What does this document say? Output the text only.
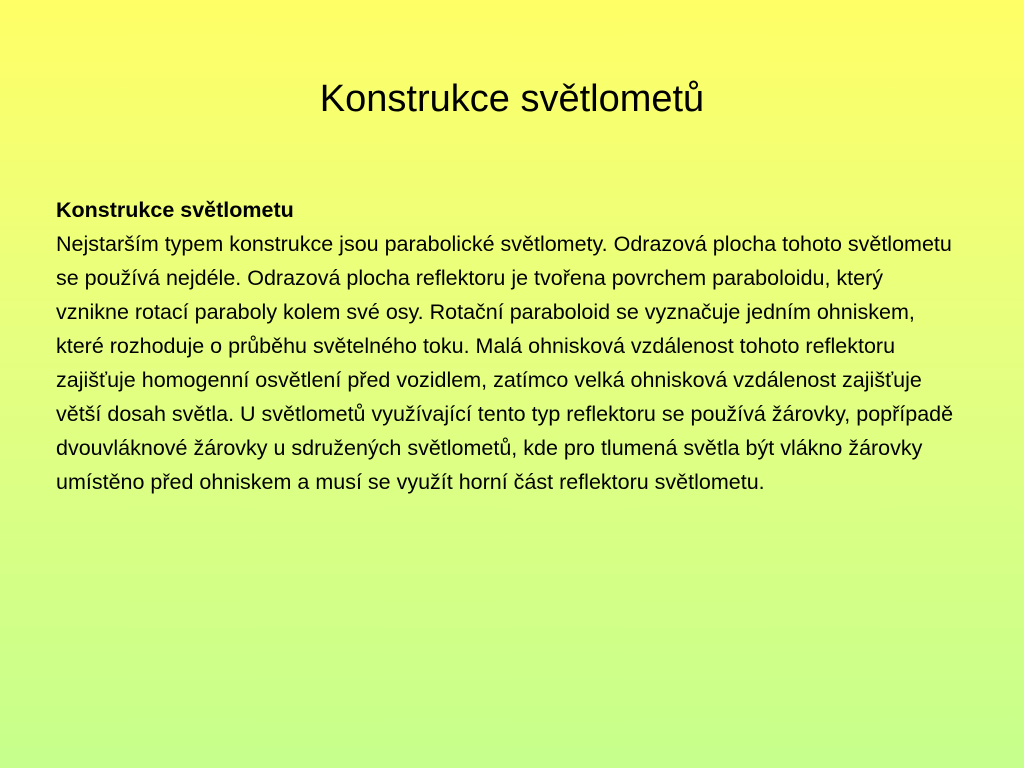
Konstrukce světlometů
Konstrukce světlometu

Nejstarším typem konstrukce jsou parabolické světlomety. Odrazová plocha tohoto světlometu se používá nejdéle. Odrazová plocha reflektoru je tvořena povrchem paraboloidu, který vznikne rotací paraboly kolem své osy. Rotační paraboloid se vyznačuje jedním ohniskem, které rozhoduje o průběhu světelného toku. Malá ohnisková vzdálenost tohoto reflektoru zajišťuje homogenní osvětlení před vozidlem, zatímco velká ohnisková vzdálenost zajišťuje větší dosah světla. U světlometů využívající tento typ reflektoru se používá žárovky, popřípadě dvouvláknové žárovky u sdružených světlometů, kde pro tlumená světla být vlákno žárovky umístěno před ohniskem a musí se využít horní část reflektoru světlometu.
